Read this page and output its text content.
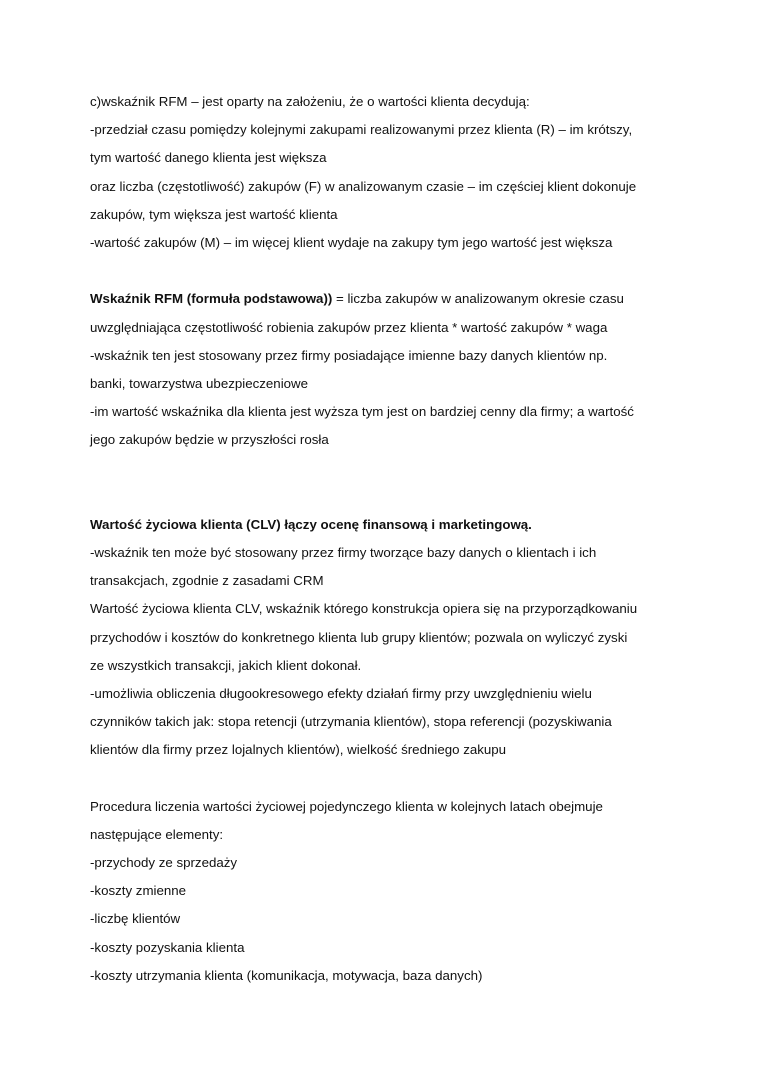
c)wskaźnik RFM – jest oparty na założeniu, że o wartości klienta decydują:
-przedział czasu pomiędzy kolejnymi zakupami realizowanymi przez klienta (R) – im krótszy,
tym wartość danego klienta jest większa
oraz liczba (częstotliwość) zakupów (F) w analizowanym czasie – im częściej klient dokonuje
zakupów, tym większa jest wartość klienta
-wartość zakupów (M) – im więcej klient wydaje na zakupy tym jego wartość jest większa
Wskaźnik RFM (formuła podstawowa)) = liczba zakupów w analizowanym okresie czasu
uwzględniająca częstotliwość robienia zakupów przez klienta * wartość zakupów * waga
-wskaźnik ten jest stosowany przez firmy posiadające imienne bazy danych klientów np.
banki, towarzystwa ubezpieczeniowe
-im wartość wskaźnika dla klienta jest wyższa tym jest on bardziej cenny dla firmy; a wartość
jego zakupów będzie w przyszłości rosła
Wartość życiowa klienta (CLV) łączy ocenę finansową i marketingową.
-wskaźnik ten może być stosowany przez firmy tworzące bazy danych o klientach i ich
transakcjach, zgodnie z zasadami CRM
Wartość życiowa klienta CLV, wskaźnik którego konstrukcja opiera się na przyporządkowaniu
przychodów i kosztów do konkretnego klienta lub grupy klientów; pozwala on wyliczyć zyski
ze wszystkich transakcji, jakich klient dokonał.
-umożliwia obliczenia długookresowego efekty działań firmy przy uwzględnieniu wielu
czynników takich jak: stopa retencji (utrzymania klientów), stopa referencji (pozyskiwania
klientów dla firmy przez lojalnych klientów), wielkość średniego zakupu
Procedura liczenia wartości życiowej pojedynczego klienta w kolejnych latach obejmuje
następujące elementy:
-przychody ze sprzedaży
-koszty zmienne
-liczbę klientów
-koszty pozyskania klienta
-koszty utrzymania klienta (komunikacja, motywacja, baza danych)
